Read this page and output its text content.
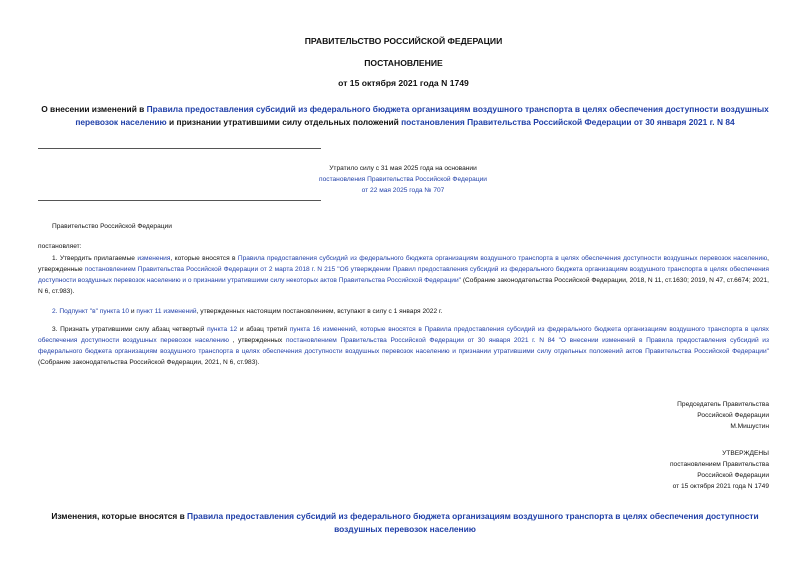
ПРАВИТЕЛЬСТВО РОССИЙСКОЙ ФЕДЕРАЦИИ
ПОСТАНОВЛЕНИЕ
от 15 октября 2021 года N 1749
О внесении изменений в Правила предоставления субсидий из федерального бюджета организациям воздушного транспорта в целях обеспечения доступности воздушных перевозок населению и признании утратившими силу отдельных положений постановления Правительства Российской Федерации от 30 января 2021 г. N 84
Утратило силу с 31 мая 2025 года на основании
постановления Правительства Российской Федерации
от 22 мая 2025 года № 707
Правительство Российской Федерации
постановляет:
1. Утвердить прилагаемые изменения, которые вносятся в Правила предоставления субсидий из федерального бюджета организациям воздушного транспорта в целях обеспечения доступности воздушных перевозок населению, утвержденные постановлением Правительства Российской Федерации от 2 марта 2018 г. N 215 "Об утверждении Правил предоставления субсидий из федерального бюджета организациям воздушного транспорта в целях обеспечения доступности воздушных перевозок населению и о признании утратившими силу некоторых актов Правительства Российской Федерации" (Собрание законодательства Российской Федерации, 2018, N 11, ст.1630; 2019, N 47, ст.6674; 2021, N 6, ст.983).
2. Подпункт "в" пункта 10 и пункт 11 изменений, утвержденных настоящим постановлением, вступают в силу с 1 января 2022 г.
3. Признать утратившими силу абзац четвертый пункта 12 и абзац третий пункта 16 изменений, которые вносятся в Правила предоставления субсидий из федерального бюджета организациям воздушного транспорта в целях обеспечения доступности воздушных перевозок населению , утвержденных постановлением Правительства Российской Федерации от 30 января 2021 г. N 84 "О внесении изменений в Правила предоставления субсидий из федерального бюджета организациям воздушного транспорта в целях обеспечения доступности воздушных перевозок населению и признании утратившими силу отдельных положений актов Правительства Российской Федерации" (Собрание законодательства Российской Федерации, 2021, N 6, ст.983).
Председатель Правительства
Российской Федерации
М.Мишустин
УТВЕРЖДЕНЫ
постановлением Правительства
Российской Федерации
от 15 октября 2021 года N 1749
Изменения, которые вносятся в Правила предоставления субсидий из федерального бюджета организациям воздушного транспорта в целях обеспечения доступности воздушных перевозок населению
